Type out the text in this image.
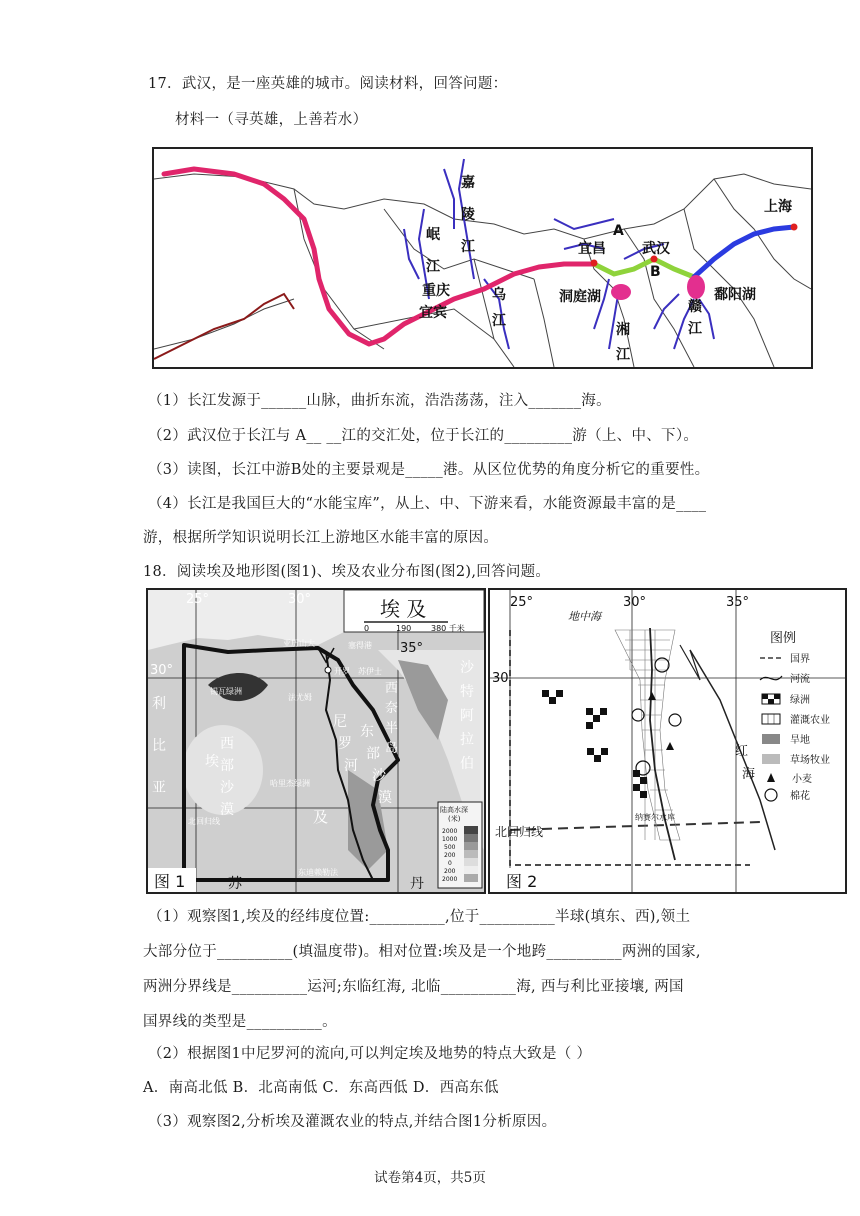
17．武汉，是一座英雄的城市。阅读材料，回答问题：
材料一（寻英雄，上善若水）
嘉
陵
江
岷
江
乌
江
湘
江
赣
江
重庆
宜宾
宜昌	武汉
上海
洞庭湖	鄱阳湖
A
B
（1）长江发源于______山脉，曲折东流，浩浩荡荡，注入_______海。
（2）武汉位于长江与 A__ __江的交汇处，位于长江的_________游（上、中、下）。
（3）读图，长江中游B处的主要景观是_____港。从区位优势的角度分析它的重要性。
（4）长江是我国巨大的“水能宝库”，从上、中、下游来看，水能资源最丰富的是____
游，根据所学知识说明长江上游地区水能丰富的原因。
18．阅读埃及地形图(图1)、埃及农业分布图(图2),回答问题。
埃 及
0	190 380 千米
25°	30°
35°
30°
利
比
亚
埃
西
部
沙
漠
尼
罗
河
东
部
沙
漠
西
奈
半
岛
沙
特
阿
拉
伯
及
开罗
亚历山大
苏伊士
塞得港
哈里杰绿洲
北回归线
东迪赖勒法
锡瓦绿洲
法尤姆
陆高水深
(米)
2000
1000
500
200
0
200
2000
图 1	苏	丹
25°	30°	35°
30
红
海
地中海
北回归线
纳赛尔水库
图例
国界
河流
绿洲
灌溉农业
旱地
草场牧业
小麦
棉花
图 2
（1）观察图1,埃及的经纬度位置:__________,位于__________半球(填东、西),领土
大部分位于__________(填温度带)。相对位置:埃及是一个地跨__________两洲的国家,
两洲分界线是__________运河;东临红海, 北临__________海, 西与利比亚接壤, 两国
国界线的类型是__________。
（2）根据图1中尼罗河的流向,可以判定埃及地势的特点大致是（ ）
A．南高北低 B．北高南低 C．东高西低 D．西高东低
（3）观察图2,分析埃及灌溉农业的特点,并结合图1分析原因。
试卷第4页，共5页
